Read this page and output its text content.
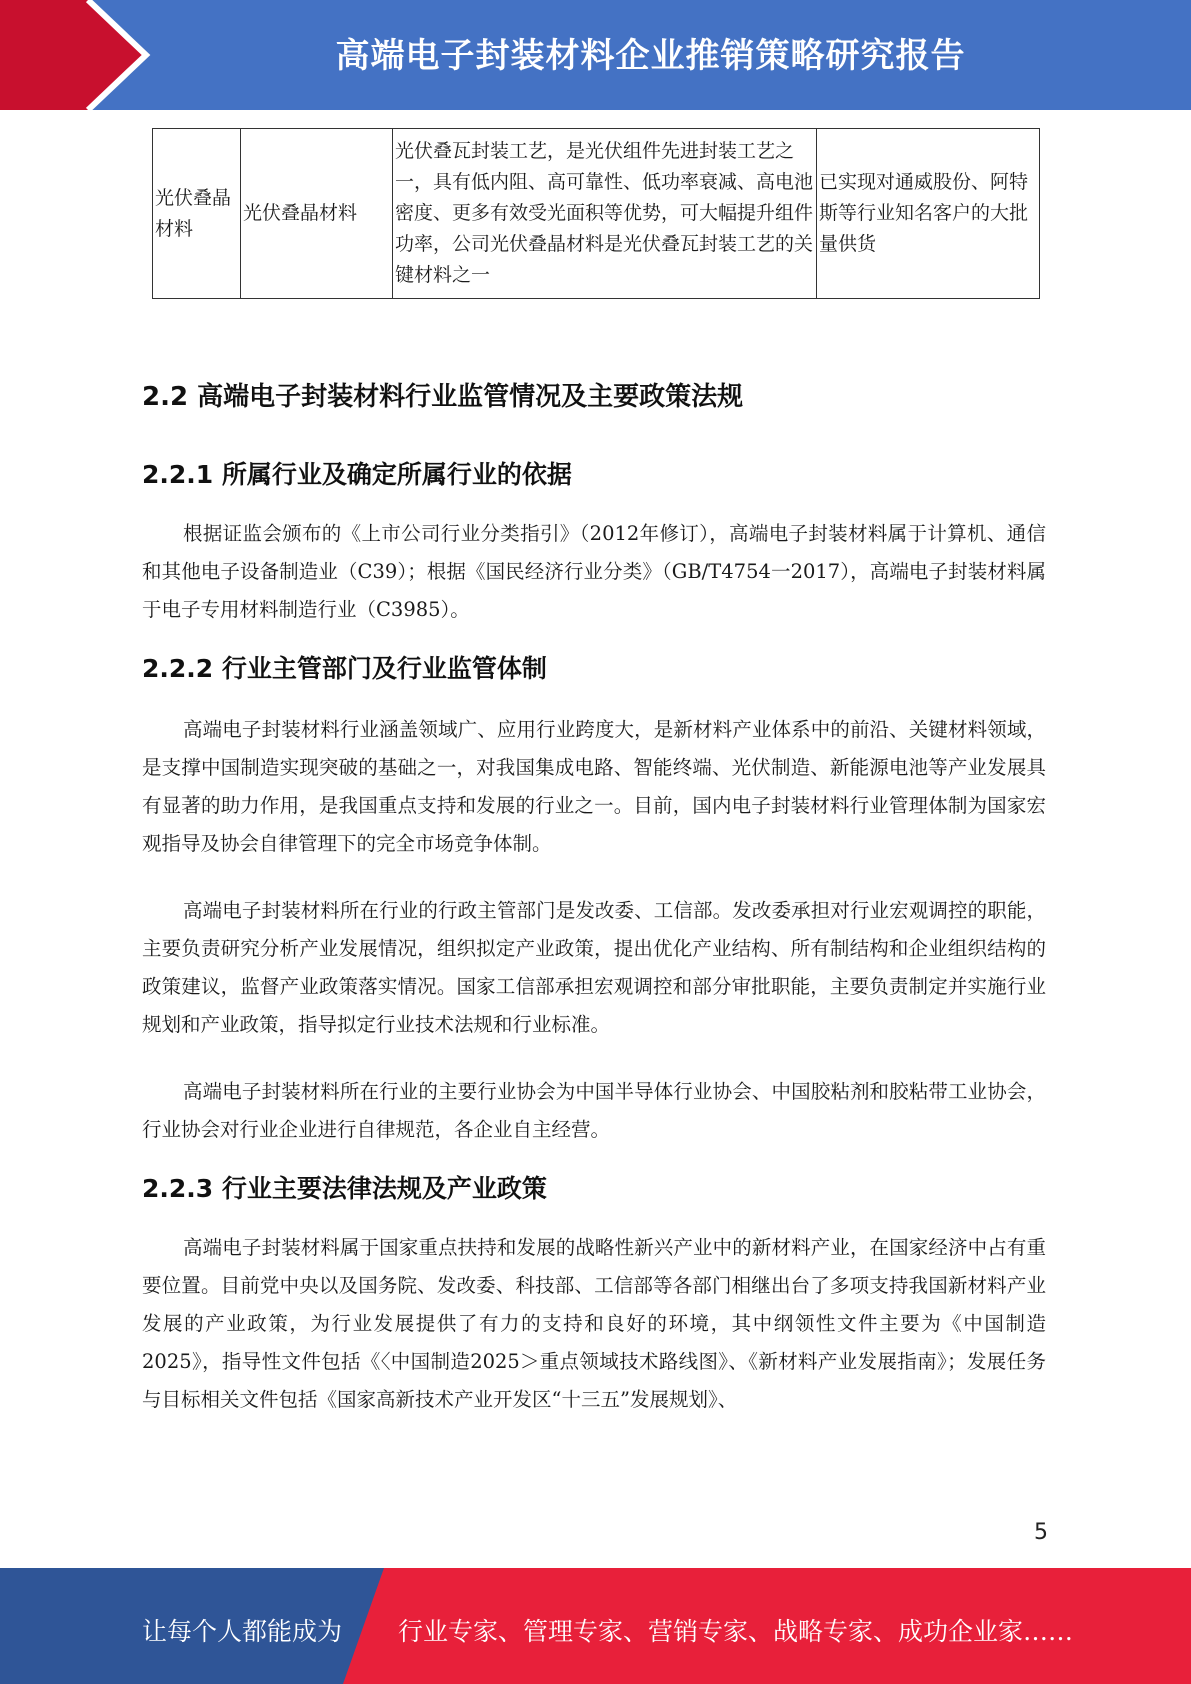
高端电子封装材料企业推销策略研究报告
光伏叠晶材料	光伏叠晶材料	光伏叠瓦封装工艺，是光伏组件先进封装工艺之一，具有低内阻、高可靠性、低功率衰减、高电池密度、更多有效受光面积等优势，可大幅提升组件功率，公司光伏叠晶材料是光伏叠瓦封装工艺的关键材料之一	已实现对通威股份、阿特斯等行业知名客户的大批量供货
2.2 高端电子封装材料行业监管情况及主要政策法规
2.2.1 所属行业及确定所属行业的依据

根据证监会颁布的《上市公司行业分类指引》（2012年修订），高端电子封装材料属于计算机、通信和其他电子设备制造业（C39）；根据《国民经济行业分类》（GB/T4754一2017），高端电子封装材料属于电子专用材料制造行业（C3985）。

2.2.2 行业主管部门及行业监管体制

高端电子封装材料行业涵盖领域广、应用行业跨度大，是新材料产业体系中的前沿、关键材料领域，是支撑中国制造实现突破的基础之一，对我国集成电路、智能终端、光伏制造、新能源电池等产业发展具有显著的助力作用，是我国重点支持和发展的行业之一。目前，国内电子封装材料行业管理体制为国家宏观指导及协会自律管理下的完全市场竞争体制。

高端电子封装材料所在行业的行政主管部门是发改委、工信部。发改委承担对行业宏观调控的职能，主要负责研究分析产业发展情况，组织拟定产业政策，提出优化产业结构、所有制结构和企业组织结构的政策建议，监督产业政策落实情况。国家工信部承担宏观调控和部分审批职能，主要负责制定并实施行业规划和产业政策，指导拟定行业技术法规和行业标准。

高端电子封装材料所在行业的主要行业协会为中国半导体行业协会、中国胶粘剂和胶粘带工业协会，行业协会对行业企业进行自律规范，各企业自主经营。

2.2.3 行业主要法律法规及产业政策

高端电子封装材料属于国家重点扶持和发展的战略性新兴产业中的新材料产业，在国家经济中占有重要位置。目前党中央以及国务院、发改委、科技部、工信部等各部门相继出台了多项支持我国新材料产业发展的产业政策，为行业发展提供了有力的支持和良好的环境，其中纲领性文件主要为《中国制造2025》，指导性文件包括《〈中国制造2025＞重点领域技术路线图》、《新材料产业发展指南》；发展任务与目标相关文件包括《国家高新技术产业开发区“十三五”发展规划》、

5
让每个人都能成为 行业专家、管理专家、营销专家、战略专家、成功企业家……
